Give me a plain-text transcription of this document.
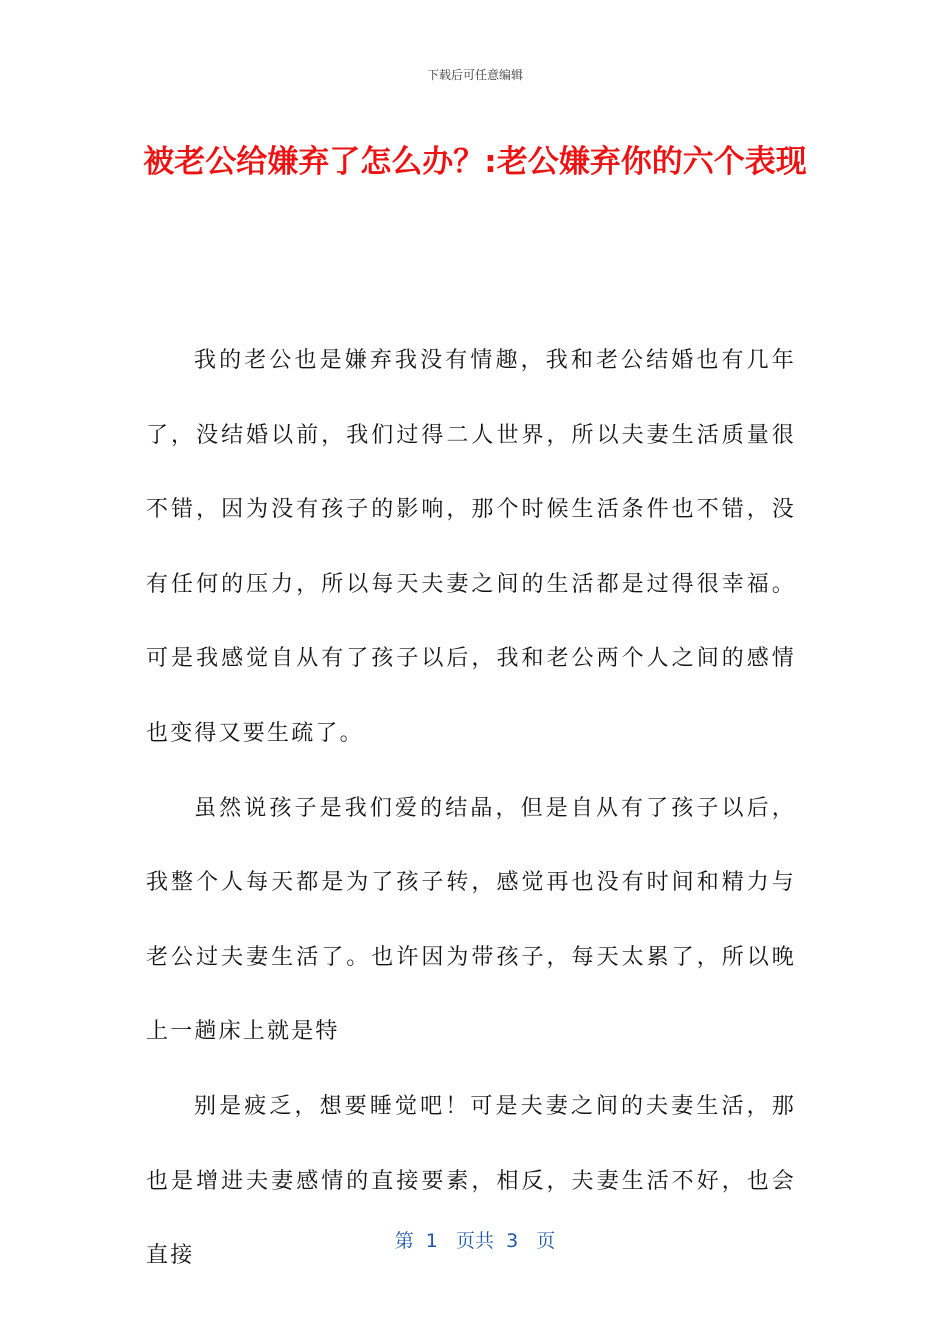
下载后可任意编辑
被老公给嫌弃了怎么办？:老公嫌弃你的六个表现

我的老公也是嫌弃我没有情趣，我和老公结婚也有几年了，没结婚以前，我们过得二人世界，所以夫妻生活质量很不错，因为没有孩子的影响，那个时候生活条件也不错，没有任何的压力，所以每天夫妻之间的生活都是过得很幸福。可是我感觉自从有了孩子以后，我和老公两个人之间的感情也变得又要生疏了。

虽然说孩子是我们爱的结晶，但是自从有了孩子以后，我整个人每天都是为了孩子转，感觉再也没有时间和精力与老公过夫妻生活了。也许因为带孩子，每天太累了，所以晚上一趟床上就是特

别是疲乏，想要睡觉吧！可是夫妻之间的夫妻生活，那也是增进夫妻感情的直接要素，相反，夫妻生活不好，也会直接

第  1   页共  3   页
